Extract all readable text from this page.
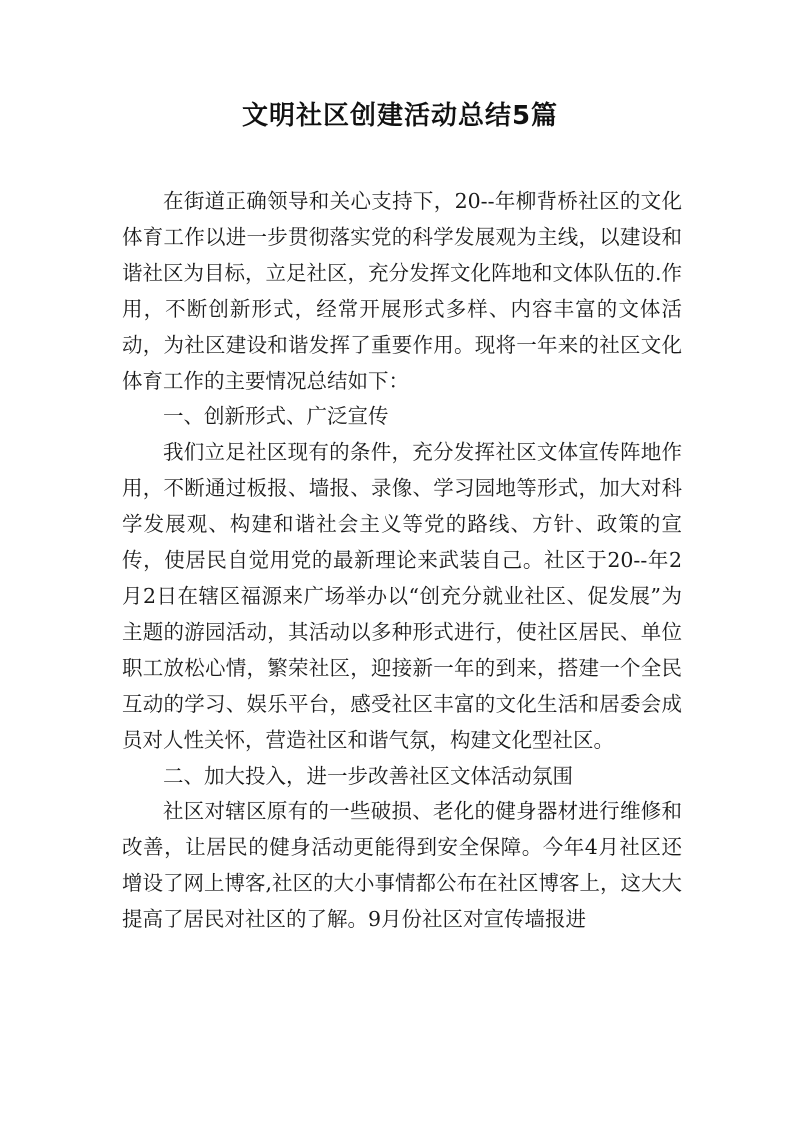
文明社区创建活动总结5篇

在街道正确领导和关心支持下，20--年柳背桥社区的文化体育工作以进一步贯彻落实党的科学发展观为主线，以建设和谐社区为目标，立足社区，充分发挥文化阵地和文体队伍的.作用，不断创新形式，经常开展形式多样、内容丰富的文体活动，为社区建设和谐发挥了重要作用。现将一年来的社区文化体育工作的主要情况总结如下：

一、创新形式、广泛宣传

我们立足社区现有的条件，充分发挥社区文体宣传阵地作用，不断通过板报、墙报、录像、学习园地等形式，加大对科学发展观、构建和谐社会主义等党的路线、方针、政策的宣传，使居民自觉用党的最新理论来武装自己。社区于20--年2月2日在辖区福源来广场举办以“创充分就业社区、促发展”为主题的游园活动，其活动以多种形式进行，使社区居民、单位职工放松心情，繁荣社区，迎接新一年的到来，搭建一个全民互动的学习、娱乐平台，感受社区丰富的文化生活和居委会成员对人性关怀，营造社区和谐气氛，构建文化型社区。

二、加大投入，进一步改善社区文体活动氛围

社区对辖区原有的一些破损、老化的健身器材进行维修和改善，让居民的健身活动更能得到安全保障。今年4月社区还增设了网上博客,社区的大小事情都公布在社区博客上，这大大提高了居民对社区的了解。9月份社区对宣传墙报进
